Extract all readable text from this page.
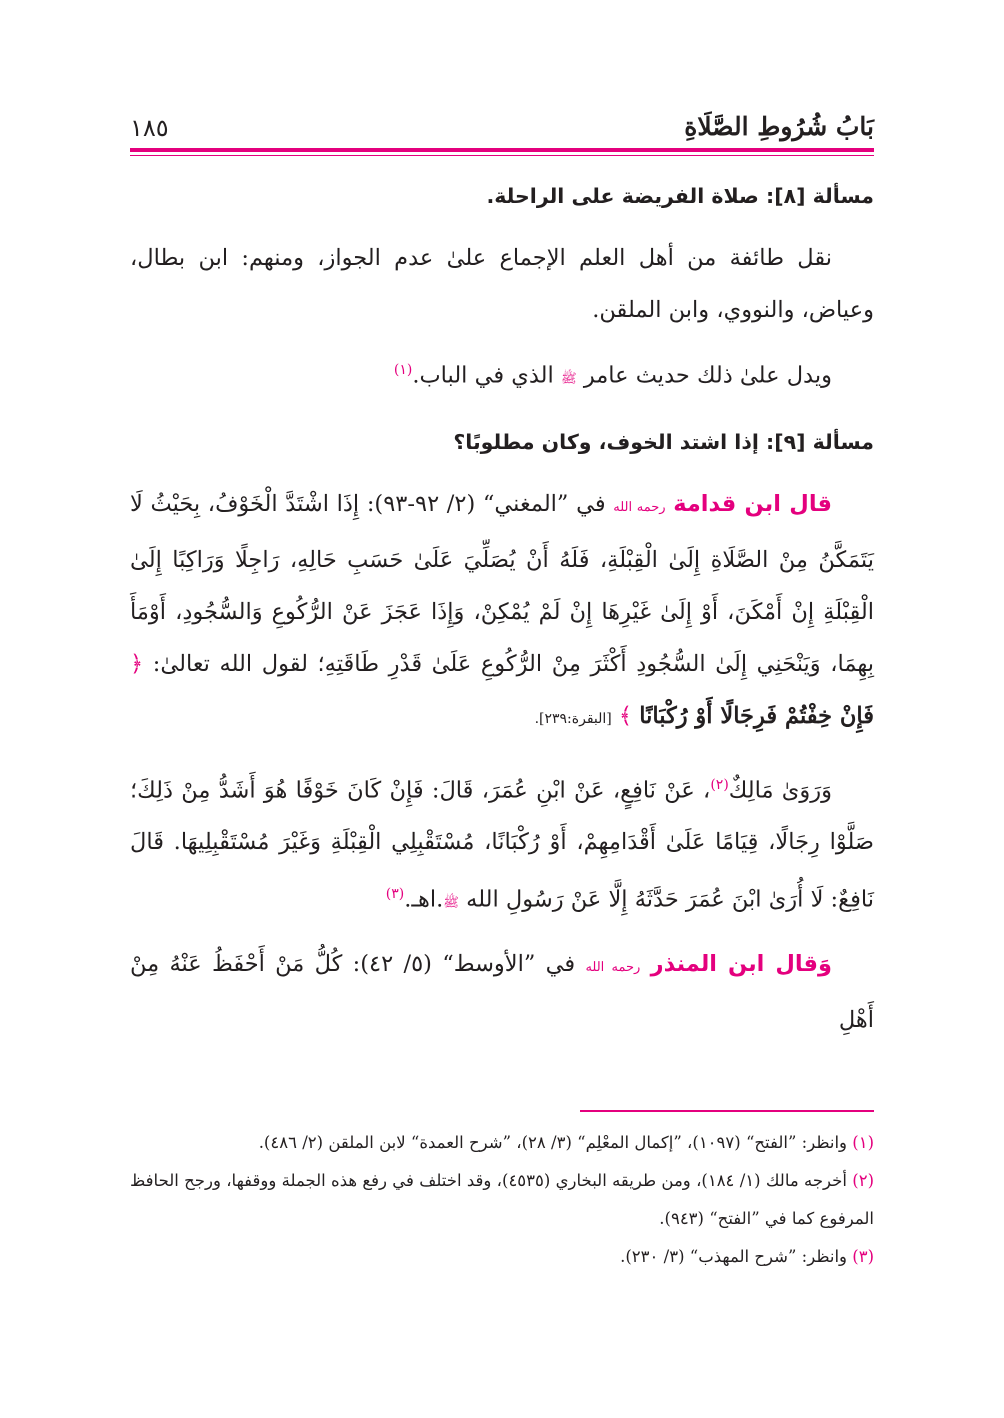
بَابُ شُرُوطِ الصَّلَاةِ
١٨٥

مسألة [٨]: صلاة الفريضة على الراحلة.

نقل طائفة من أهل العلم الإجماع علىٰ عدم الجواز، ومنهم: ابن بطال، وعياض، والنووي، وابن الملقن.

ويدل علىٰ ذلك حديث عامر ﷺ الذي في الباب.$^{(١)}$

مسألة [٩]: إذا اشتد الخوف، وكان مطلوبًا؟

قال ابن قدامة رحمه الله في ”المغني“ (٢/ ٩٢-٩٣): إِذَا اشْتَدَّ الْخَوْفُ، بِحَيْثُ لَا يَتَمَكَّنُ مِنْ الصَّلَاةِ إِلَىٰ الْقِبْلَةِ، فَلَهُ أَنْ يُصَلِّيَ عَلَىٰ حَسَبِ حَالِهِ، رَاجِلًا وَرَاكِبًا إِلَىٰ الْقِبْلَةِ إِنْ أَمْكَنَ، أَوْ إِلَىٰ غَيْرِهَا إِنْ لَمْ يُمْكِنْ، وَإِذَا عَجَزَ عَنْ الرُّكُوعِ وَالسُّجُودِ، أَوْمَأَ بِهِمَا، وَيَنْحَنِي إِلَىٰ السُّجُودِ أَكْثَرَ مِنْ الرُّكُوعِ عَلَىٰ قَدْرِ طَاقَتِهِ؛ لقول الله تعالىٰ: ﴿ فَإِنْ خِفْتُمْ فَرِجَالًا أَوْ رُكْبَانًا ﴾ [البقرة:٢٣٩].

وَرَوَىٰ مَالِكٌ$^{(٢)}$، عَنْ نَافِعٍ، عَنْ ابْنِ عُمَرَ، قَالَ: فَإِنْ كَانَ خَوْفًا هُوَ أَشَدُّ مِنْ ذَلِكَ؛ صَلَّوْا رِجَالًا، قِيَامًا عَلَىٰ أَقْدَامِهِمْ، أَوْ رُكْبَانًا، مُسْتَقْبِلِي الْقِبْلَةِ وَغَيْرَ مُسْتَقْبِلِيهَا. قَالَ نَافِعٌ: لَا أُرَىٰ ابْنَ عُمَرَ حَدَّثَهُ إِلَّا عَنْ رَسُولِ الله ﷺ.اهـ.$^{(٣)}$

وَقال ابن المنذر رحمه الله في ”الأوسط“ (٥/ ٤٢): كُلُّ مَنْ أَحْفَظُ عَنْهُ مِنْ أَهْلِ

(١) وانظر: ”الفتح“ (١٠٩٧)، ”إكمال المعْلِم“ (٣/ ٢٨)، ”شرح العمدة“ لابن الملقن (٢/ ٤٨٦).

(٢) أخرجه مالك (١/ ١٨٤)، ومن طريقه البخاري (٤٥٣٥)، وقد اختلف في رفع هذه الجملة ووقفها، ورجح الحافظ المرفوع كما في ”الفتح“ (٩٤٣).

(٣) وانظر: ”شرح المهذب“ (٣/ ٢٣٠).
